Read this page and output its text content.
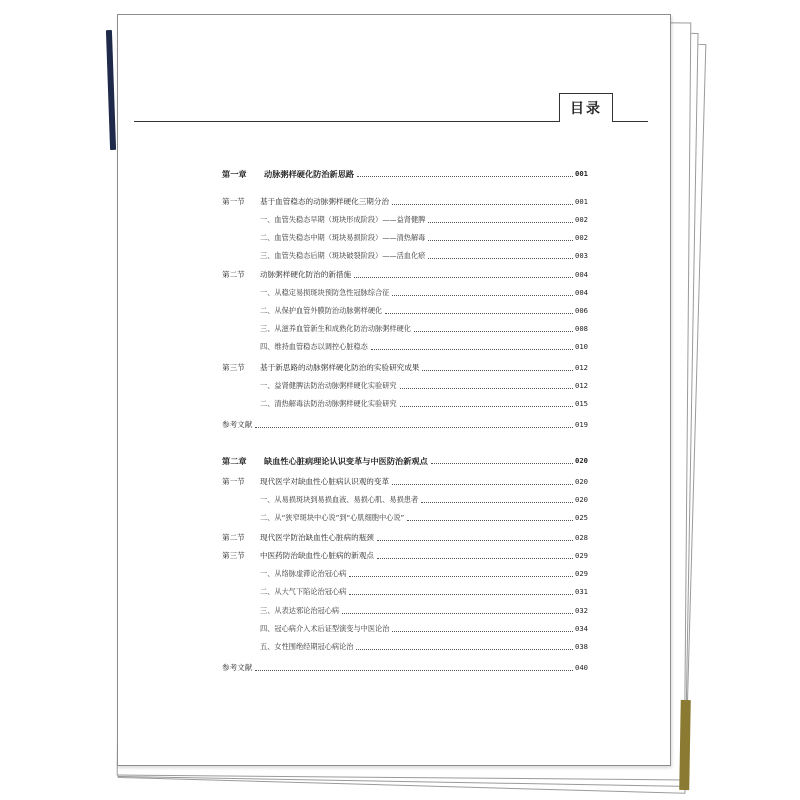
目录
第一章	动脉粥样硬化防治新思路	001
第一节	基于血管稳态的动脉粥样硬化三期分治	001
一、血管失稳态早期（斑块形成阶段）——益肾健脾	002
二、血管失稳态中期（斑块易损阶段）——清热解毒	002
三、血管失稳态后期（斑块破裂阶段）——活血化瘀	003
第二节	动脉粥样硬化防治的新措施	004
一、从稳定易损斑块预防急性冠脉综合征	004
二、从保护血管外膜防治动脉粥样硬化	006
三、从滋养血管新生和成熟化防治动脉粥样硬化	008
四、维持血管稳态以调控心脏稳态	010
第三节	基于新思路的动脉粥样硬化防治的实验研究成果	012
一、益肾健脾法防治动脉粥样硬化实验研究	012
二、清热解毒法防治动脉粥样硬化实验研究	015
参考文献	019
第二章	缺血性心脏病理论认识变革与中医防治新观点	020
第一节	现代医学对缺血性心脏病认识观的变革	020
一、从易损斑块到易损血液、易损心肌、易损患者	020
二、从“狭窄斑块中心说”到“心肌细胞中心说”	025
第二节	现代医学防治缺血性心脏病的瓶颈	028
第三节	中医药防治缺血性心脏病的新观点	029
一、从络脉虚滞论治冠心病	029
二、从大气下陷论治冠心病	031
三、从表达邪论治冠心病	032
四、冠心病介入术后证型演变与中医论治	034
五、女性围绝经期冠心病论治	038
参考文献	040
